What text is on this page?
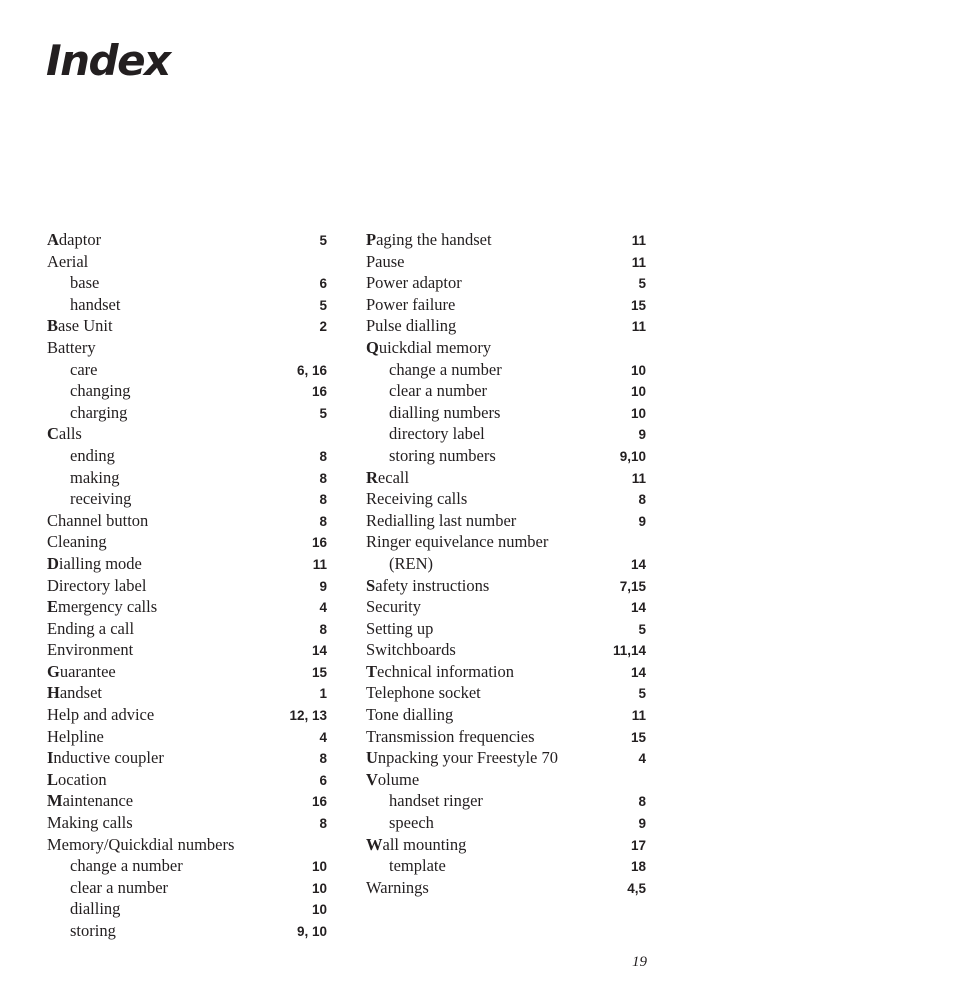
Index
Adaptor	5
Aerial
base	6
handset	5
Base Unit	2
Battery
care	6, 16
changing	16
charging	5
Calls
ending	8
making	8
receiving	8
Channel button	8
Cleaning	16
Dialling mode	11
Directory label	9
Emergency calls	4
Ending a call	8
Environment	14
Guarantee	15
Handset	1
Help and advice	12, 13
Helpline	4
Inductive coupler	8
Location	6
Maintenance	16
Making calls	8
Memory/Quickdial numbers
change a number	10
clear a number	10
dialling	10
storing	9, 10
Paging the handset	11
Pause	11
Power adaptor	5
Power failure	15
Pulse dialling	11
Quickdial memory
change a number	10
clear a number	10
dialling numbers	10
directory label	9
storing numbers	9,10
Recall	11
Receiving calls	8
Redialling last number	9
Ringer equivelance number
(REN)	14
Safety instructions	7,15
Security	14
Setting up	5
Switchboards	11,14
Technical information	14
Telephone socket	5
Tone dialling	11
Transmission frequencies	15
Unpacking your Freestyle 70	4
Volume
handset ringer	8
speech	9
Wall mounting	17
template	18
Warnings	4,5
19
